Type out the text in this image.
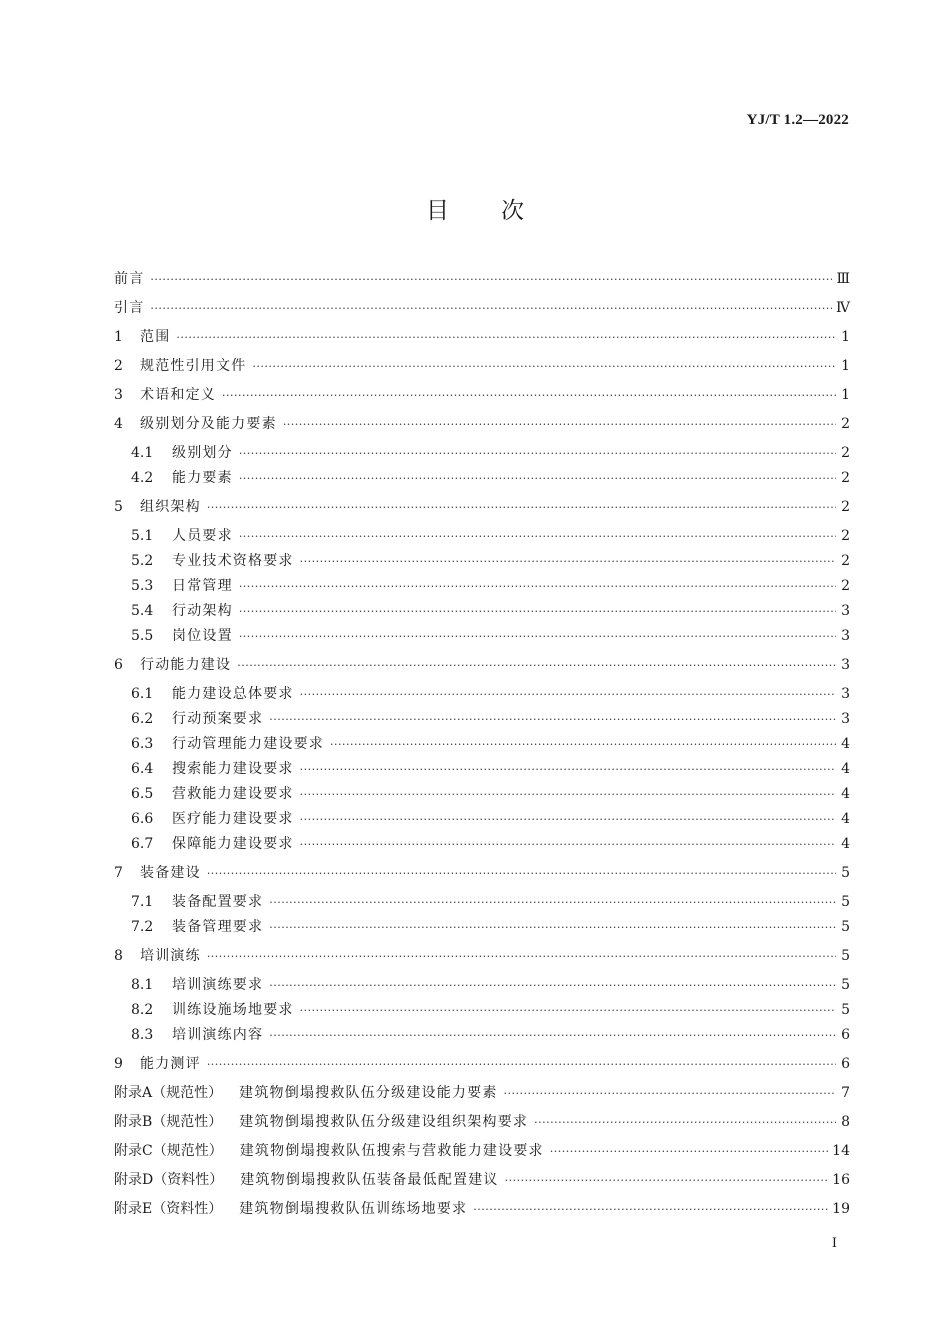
YJ/T 1.2—2022
目次
前言 ·····	Ⅲ
引言 ·····	Ⅳ
1 范围 ·····	1
2 规范性引用文件 ·····	1
3 术语和定义 ·····	1
4 级别划分及能力要素 ·····	2
4.1 级别划分 ·····	2
4.2 能力要素 ·····	2
5 组织架构 ·····	2
5.1 人员要求 ·····	2
5.2 专业技术资格要求 ·····	2
5.3 日常管理 ·····	2
5.4 行动架构 ·····	3
5.5 岗位设置 ·····	3
6 行动能力建设 ·····	3
6.1 能力建设总体要求 ·····	3
6.2 行动预案要求 ·····	3
6.3 行动管理能力建设要求 ·····	4
6.4 搜索能力建设要求 ·····	4
6.5 营救能力建设要求 ·····	4
6.6 医疗能力建设要求 ·····	4
6.7 保障能力建设要求 ·····	4
7 装备建设 ·····	5
7.1 装备配置要求 ·····	5
7.2 装备管理要求 ·····	5
8 培训演练 ·····	5
8.1 培训演练要求 ·····	5
8.2 训练设施场地要求 ·····	5
8.3 培训演练内容 ·····	6
9 能力测评 ·····	6
附录A（规范性） 建筑物倒塌搜救队伍分级建设能力要素 ·····	7
附录B（规范性） 建筑物倒塌搜救队伍分级建设组织架构要求 ·····	8
附录C（规范性） 建筑物倒塌搜救队伍搜索与营救能力建设要求 ·····	14
附录D（资料性） 建筑物倒塌搜救队伍装备最低配置建议 ·····	16
附录E（资料性） 建筑物倒塌搜救队伍训练场地要求 ·····	19
Ⅰ
